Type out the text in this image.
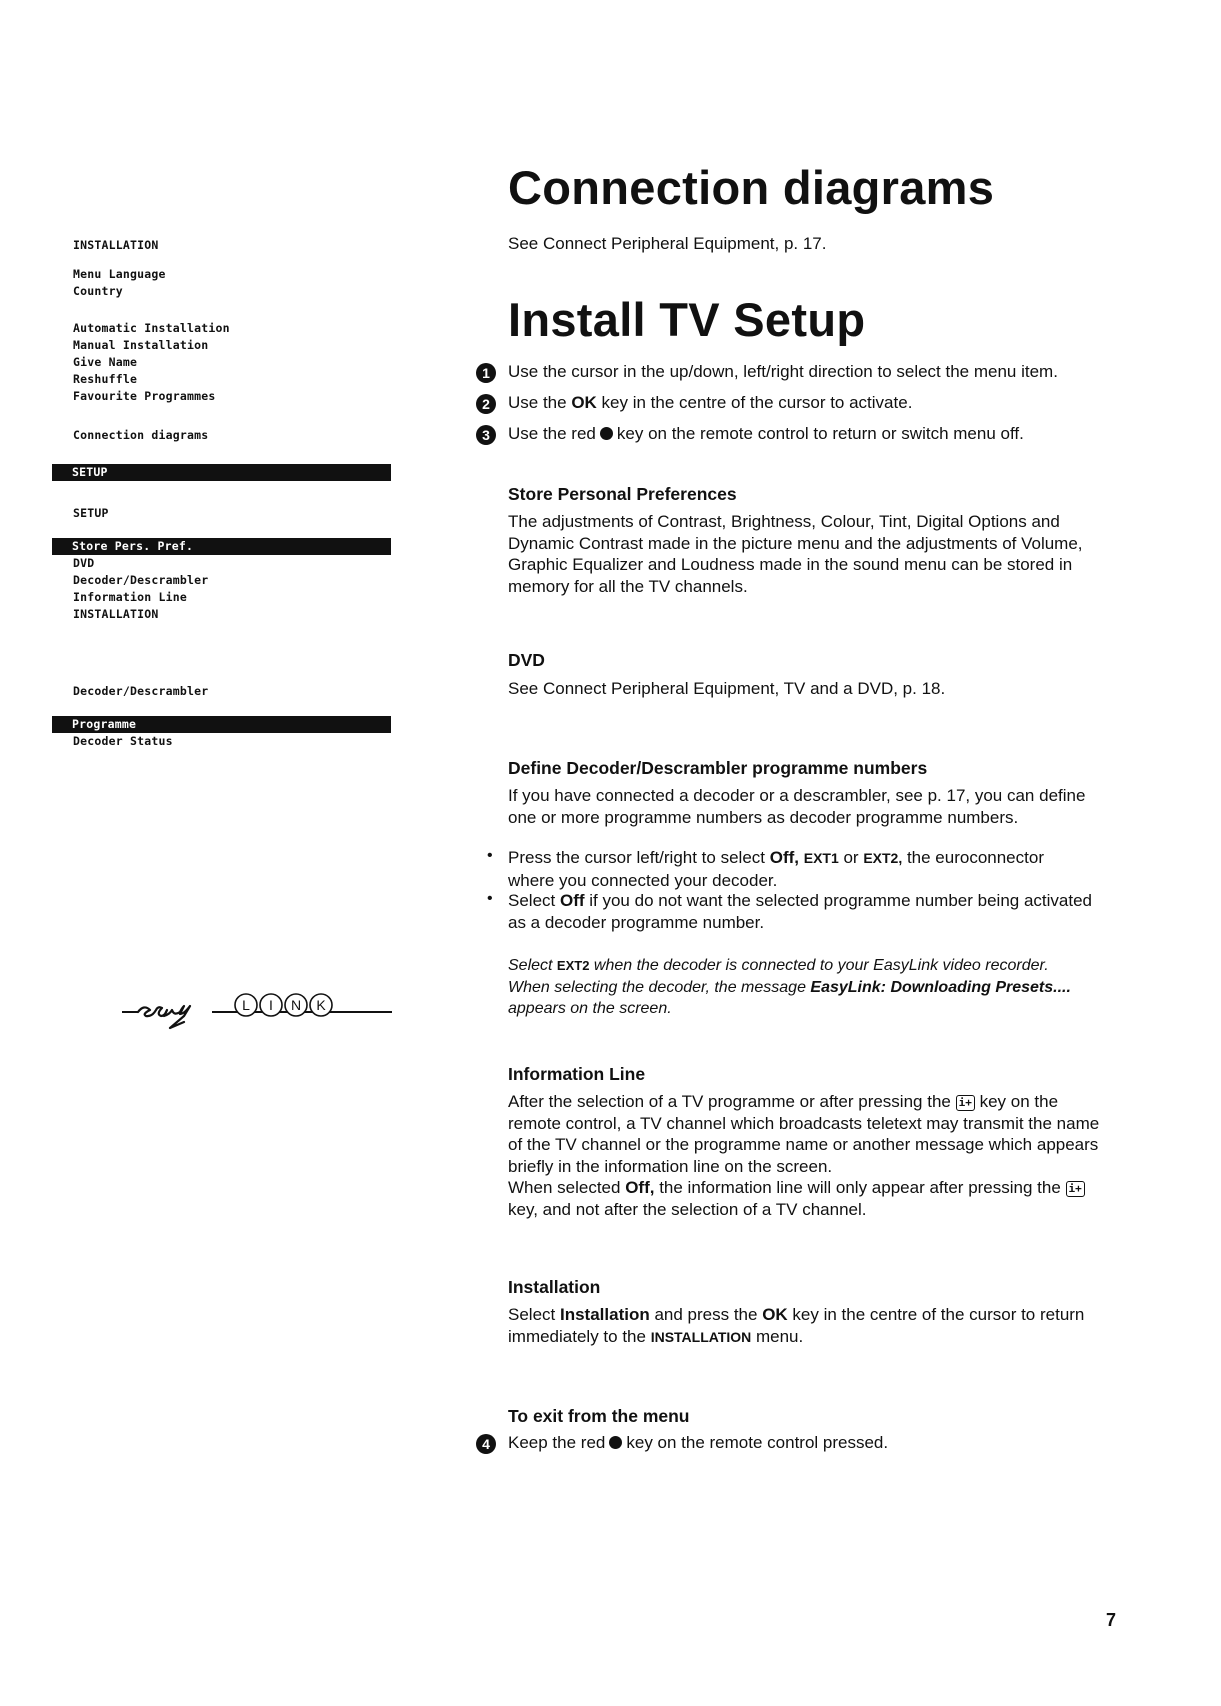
INSTALLATION
Menu Language
Country
Automatic Installation
Manual Installation
Give Name
Reshuffle
Favourite Programmes
Connection diagrams
SETUP
SETUP
Store Pers. Pref.
DVD
Decoder/Descrambler
Information Line
INSTALLATION
Decoder/Descrambler
Programme
Decoder Status
L I N K
Connection diagrams
See Connect Peripheral Equipment, p. 17.
Install TV Setup
1	Use the cursor in the up/down, left/right direction to select the menu item.
2	Use the OK key in the centre of the cursor to activate.
3	Use the red key on the remote control to return or switch menu off.
Store Personal Preferences
The adjustments of Contrast, Brightness, Colour, Tint, Digital Options and Dynamic Contrast made in the picture menu and the adjustments of Volume, Graphic Equalizer and Loudness made in the sound menu can be stored in memory for all the TV channels.
DVD
See Connect Peripheral Equipment, TV and a DVD, p. 18.
Define Decoder/Descrambler programme numbers
If you have connected a decoder or a descrambler, see p. 17, you can define one or more programme numbers as decoder programme numbers.
• Press the cursor left/right to select Off, EXT1 or EXT2, the euroconnector
where you connected your decoder.
• Select Off if you do not want the selected programme number being activated
as a decoder programme number.
Select EXT2 when the decoder is connected to your EasyLink video recorder.
When selecting the decoder, the message EasyLink: Downloading Presets....
appears on the screen.
Information Line
After the selection of a TV programme or after pressing the i+ key on the
remote control, a TV channel which broadcasts teletext may transmit the name
of the TV channel or the programme name or another message which appears
briefly in the information line on the screen.
When selected Off, the information line will only appear after pressing the i+
key, and not after the selection of a TV channel.
Installation
Select Installation and press the OK key in the centre of the cursor to return
immediately to the INSTALLATION menu.
To exit from the menu
4	Keep the red key on the remote control pressed.
7
